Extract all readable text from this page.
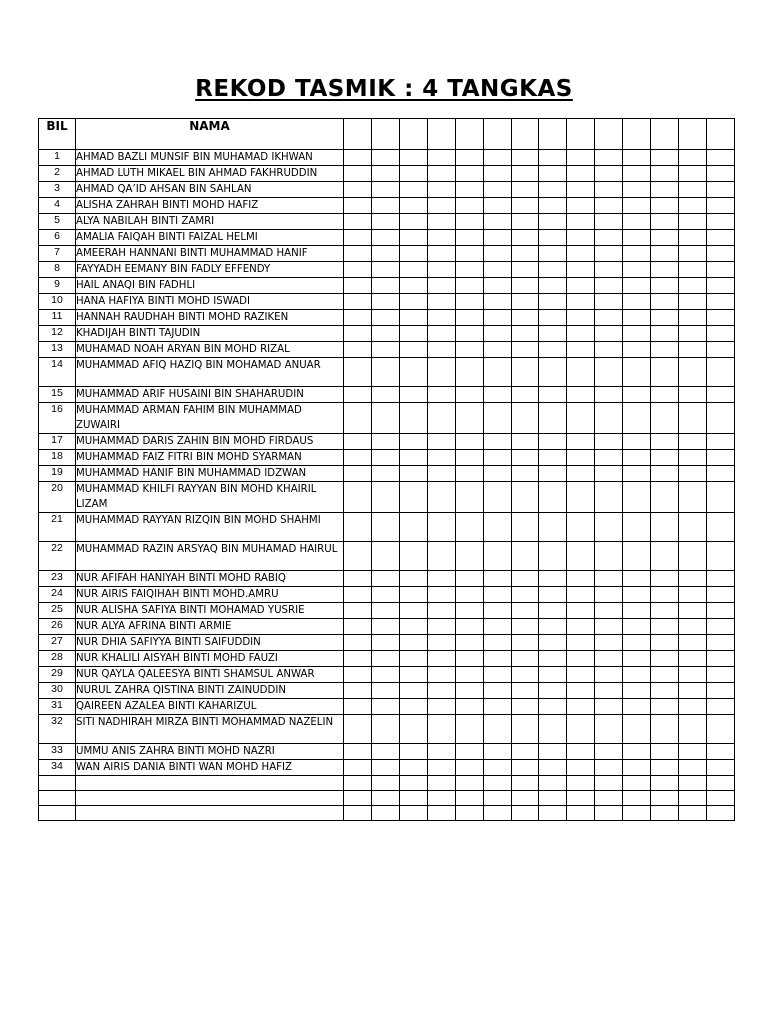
REKOD TASMIK : 4 TANGKAS
BIL	NAMA														
1	AHMAD BAZLI MUNSIF BIN MUHAMAD IKHWAN														
2	AHMAD LUTH MIKAEL BIN AHMAD FAKHRUDDIN														
3	AHMAD QA’ID AHSAN BIN SAHLAN														
4	ALISHA ZAHRAH BINTI MOHD HAFIZ														
5	ALYA NABILAH BINTI ZAMRI														
6	AMALIA FAIQAH BINTI FAIZAL HELMI														
7	AMEERAH HANNANI BINTI MUHAMMAD HANIF														
8	FAYYADH EEMANY BIN FADLY EFFENDY														
9	HAIL ANAQI BIN FADHLI														
10	HANA HAFIYA BINTI MOHD ISWADI														
11	HANNAH RAUDHAH BINTI MOHD RAZIKEN														
12	KHADIJAH BINTI TAJUDIN														
13	MUHAMAD NOAH ARYAN BIN MOHD RIZAL														
14	MUHAMMAD AFIQ HAZIQ BIN MOHAMAD ANUAR														
15	MUHAMMAD ARIF HUSAINI BIN SHAHARUDIN														
16	MUHAMMAD ARMAN FAHIM BIN MUHAMMAD ZUWAIRI														
17	MUHAMMAD DARIS ZAHIN BIN MOHD FIRDAUS														
18	MUHAMMAD FAIZ FITRI BIN MOHD SYARMAN														
19	MUHAMMAD HANIF BIN MUHAMMAD IDZWAN														
20	MUHAMMAD KHILFI RAYYAN BIN MOHD KHAIRIL LIZAM														
21	MUHAMMAD RAYYAN RIZQIN BIN MOHD SHAHMI														
22	MUHAMMAD RAZIN ARSYAQ BIN MUHAMAD HAIRUL														
23	NUR AFIFAH HANIYAH BINTI MOHD RABIQ														
24	NUR AIRIS FAIQIHAH BINTI MOHD.AMRU														
25	NUR ALISHA SAFIYA BINTI MOHAMAD YUSRIE														
26	NUR ALYA AFRINA BINTI ARMIE														
27	NUR DHIA SAFIYYA BINTI SAIFUDDIN														
28	NUR KHALILI AISYAH BINTI MOHD FAUZI														
29	NUR QAYLA QALEESYA BINTI SHAMSUL ANWAR														
30	NURUL ZAHRA QISTINA BINTI ZAINUDDIN														
31	QAIREEN AZALEA BINTI KAHARIZUL														
32	SITI NADHIRAH MIRZA BINTI MOHAMMAD NAZELIN														
33	UMMU ANIS ZAHRA BINTI MOHD NAZRI														
34	WAN AIRIS DANIA BINTI WAN MOHD HAFIZ														
